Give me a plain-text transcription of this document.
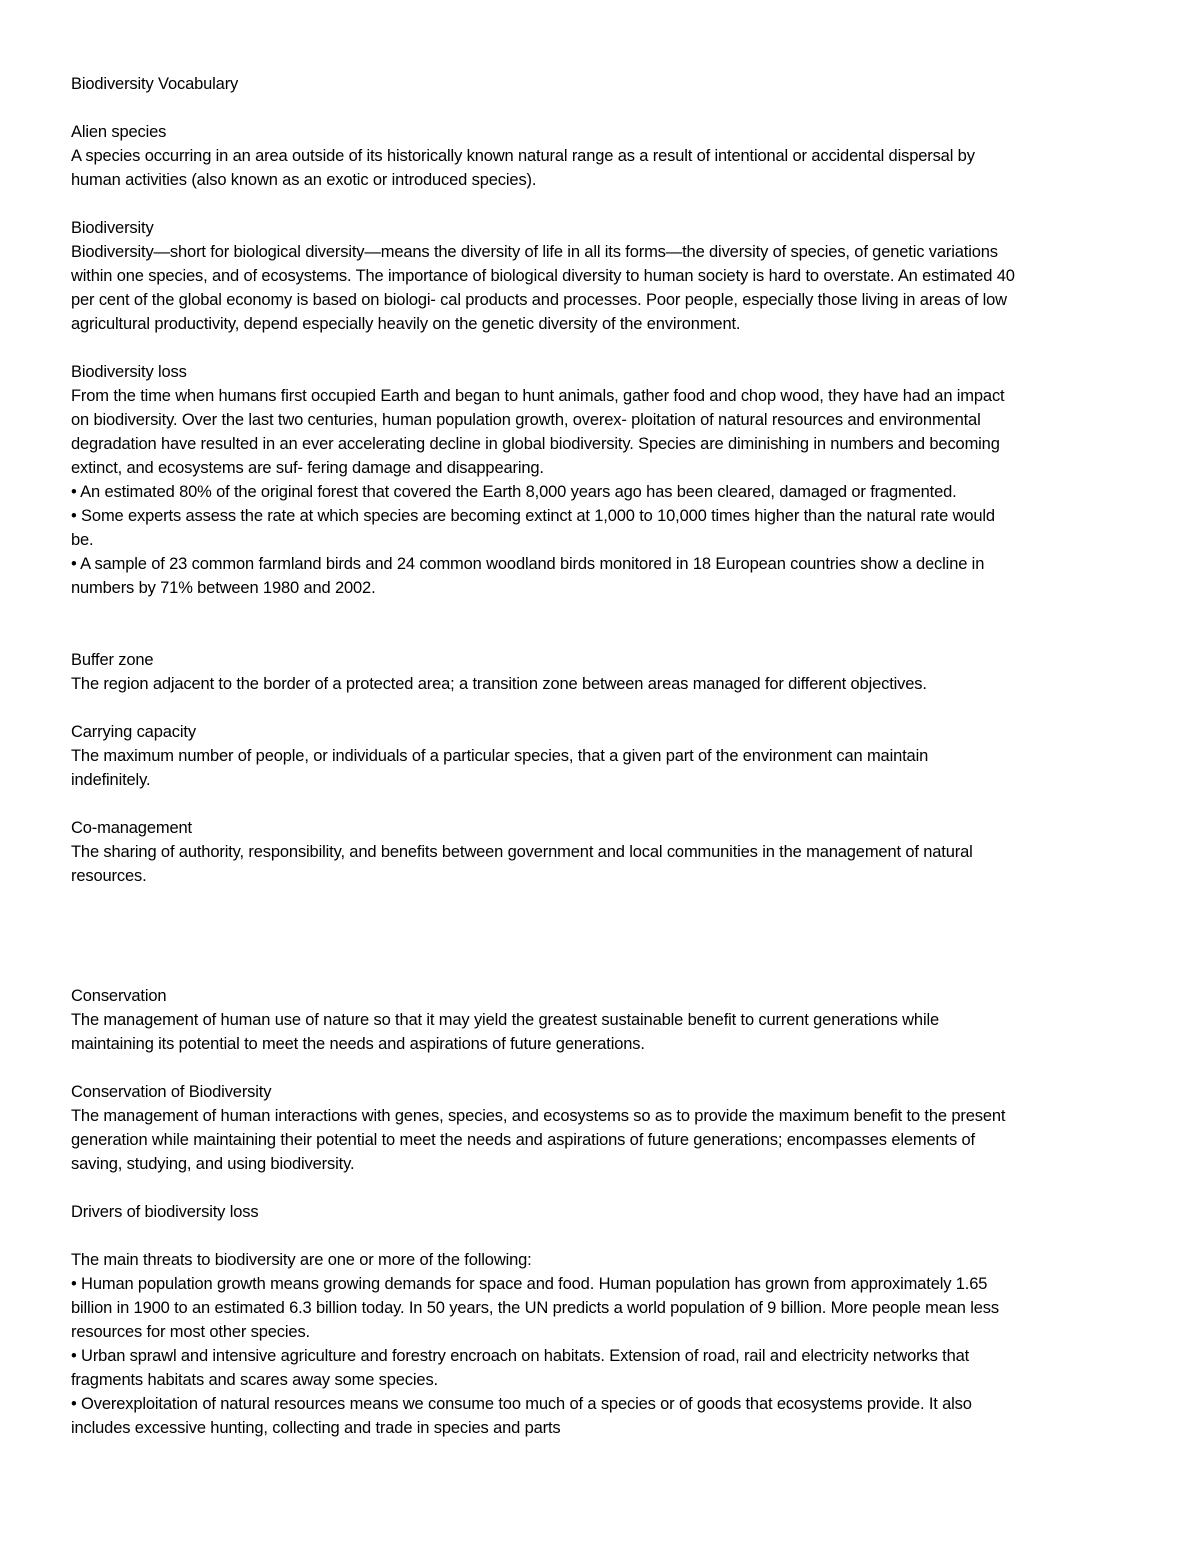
Biodiversity Vocabulary
Alien species
A species occurring in an area outside of its historically known natural range as a result of intentional or accidental dispersal by
human activities (also known as an exotic or introduced species).
Biodiversity
Biodiversity—short for biological diversity—means the diversity of life in all its forms—the diversity of species, of genetic variations
within one species, and of ecosystems. The importance of biological diversity to human society is hard to overstate. An estimated 40
per cent of the global economy is based on biologi- cal products and processes. Poor people, especially those living in areas of low
agricultural productivity, depend especially heavily on the genetic diversity of the environment.
Biodiversity loss
From the time when humans first occupied Earth and began to hunt animals, gather food and chop wood, they have had an impact
on biodiversity. Over the last two centuries, human population growth, overex- ploitation of natural resources and environmental
degradation have resulted in an ever accelerating decline in global biodiversity. Species are diminishing in numbers and becoming
extinct, and ecosystems are suf- fering damage and disappearing.
• An estimated 80% of the original forest that covered the Earth 8,000 years ago has been cleared, damaged or fragmented.
• Some experts assess the rate at which species are becoming extinct at 1,000 to 10,000 times higher than the natural rate would
be.
• A sample of 23 common farmland birds and 24 common woodland birds monitored in 18 European countries show a decline in
numbers by 71% between 1980 and 2002.
Buffer zone
The region adjacent to the border of a protected area; a transition zone between areas managed for different objectives.
Carrying capacity
The maximum number of people, or individuals of a particular species, that a given part of the environment can maintain
indefinitely.
Co-management
The sharing of authority, responsibility, and benefits between government and local communities in the management of natural
resources.
Conservation
The management of human use of nature so that it may yield the greatest sustainable benefit to current generations while
maintaining its potential to meet the needs and aspirations of future generations.
Conservation of Biodiversity
The management of human interactions with genes, species, and ecosystems so as to provide the maximum benefit to the present
generation while maintaining their potential to meet the needs and aspirations of future generations; encompasses elements of
saving, studying, and using biodiversity.
Drivers of biodiversity loss
The main threats to biodiversity are one or more of the following:
• Human population growth means growing demands for space and food. Human population has grown from approximately 1.65
billion in 1900 to an estimated 6.3 billion today. In 50 years, the UN predicts a world population of 9 billion. More people mean less
resources for most other species.
• Urban sprawl and intensive agriculture and forestry encroach on habitats. Extension of road, rail and electricity networks that
fragments habitats and scares away some species.
• Overexploitation of natural resources means we consume too much of a species or of goods that ecosystems provide. It also
includes excessive hunting, collecting and trade in species and parts
